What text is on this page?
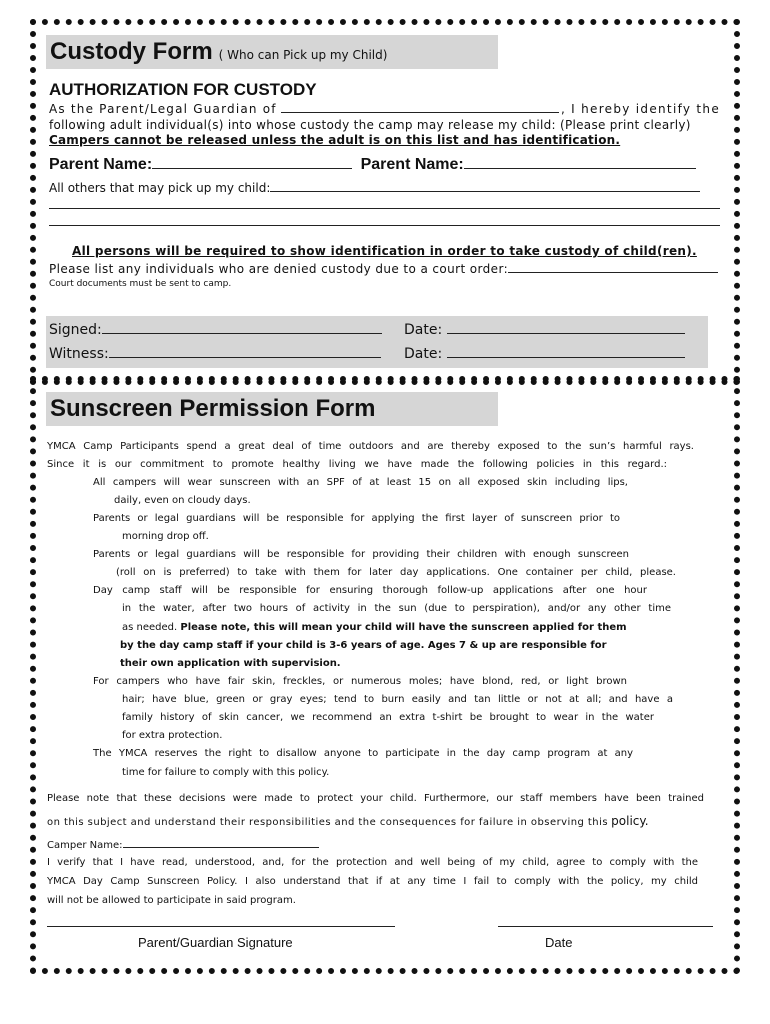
Custody Form ( Who can Pick up my Child)
AUTHORIZATION FOR CUSTODY
As the Parent/Legal Guardian of	, I hereby identify the
following adult individual(s) into whose custody the camp may release my child: (Please print clearly)
Campers cannot be released unless the adult is on this list and has identification.
Parent Name:	Parent Name:
All others that may pick up my child:
All persons will be required to show identification in order to take custody of child(ren).
Please list any individuals who are denied custody due to a court order:
Court documents must be sent to camp.
Signed:	Date:
Witness:	Date:
Sunscreen Permission Form
YMCA Camp Participants spend a great deal of time outdoors and are thereby exposed to the sun’s harmful rays.
Since it is our commitment to promote healthy living we have made the following policies in this regard.:
All campers will wear sunscreen with an SPF of at least 15 on all exposed skin including lips,
daily, even on cloudy days.
Parents or legal guardians will be responsible for applying the first layer of sunscreen prior to
morning drop off.
Parents or legal guardians will be responsible for providing their children with enough sunscreen
(roll on is preferred) to take with them for later day applications. One container per child, please.
Day camp staff will be responsible for ensuring thorough follow-up applications after one hour
in the water, after two hours of activity in the sun (due to perspiration), and/or any other time
as needed. Please note, this will mean your child will have the sunscreen applied for them
by the day camp staff if your child is 3-6 years of age. Ages 7 & up are responsible for
their own application with supervision.
For campers who have fair skin, freckles, or numerous moles; have blond, red, or light brown
hair; have blue, green or gray eyes; tend to burn easily and tan little or not at all; and have a
family history of skin cancer, we recommend an extra t-shirt be brought to wear in the water
for extra protection.
The YMCA reserves the right to disallow anyone to participate in the day camp program at any
time for failure to comply with this policy.
Please note that these decisions were made to protect your child. Furthermore, our staff members have been trained
on this subject and understand their responsibilities and the consequences for failure in observing this policy.
Camper Name:
I verify that I have read, understood, and, for the protection and well being of my child, agree to comply with the
YMCA Day Camp Sunscreen Policy. I also understand that if at any time I fail to comply with the policy, my child
will not be allowed to participate in said program.
Parent/Guardian Signature	Date
